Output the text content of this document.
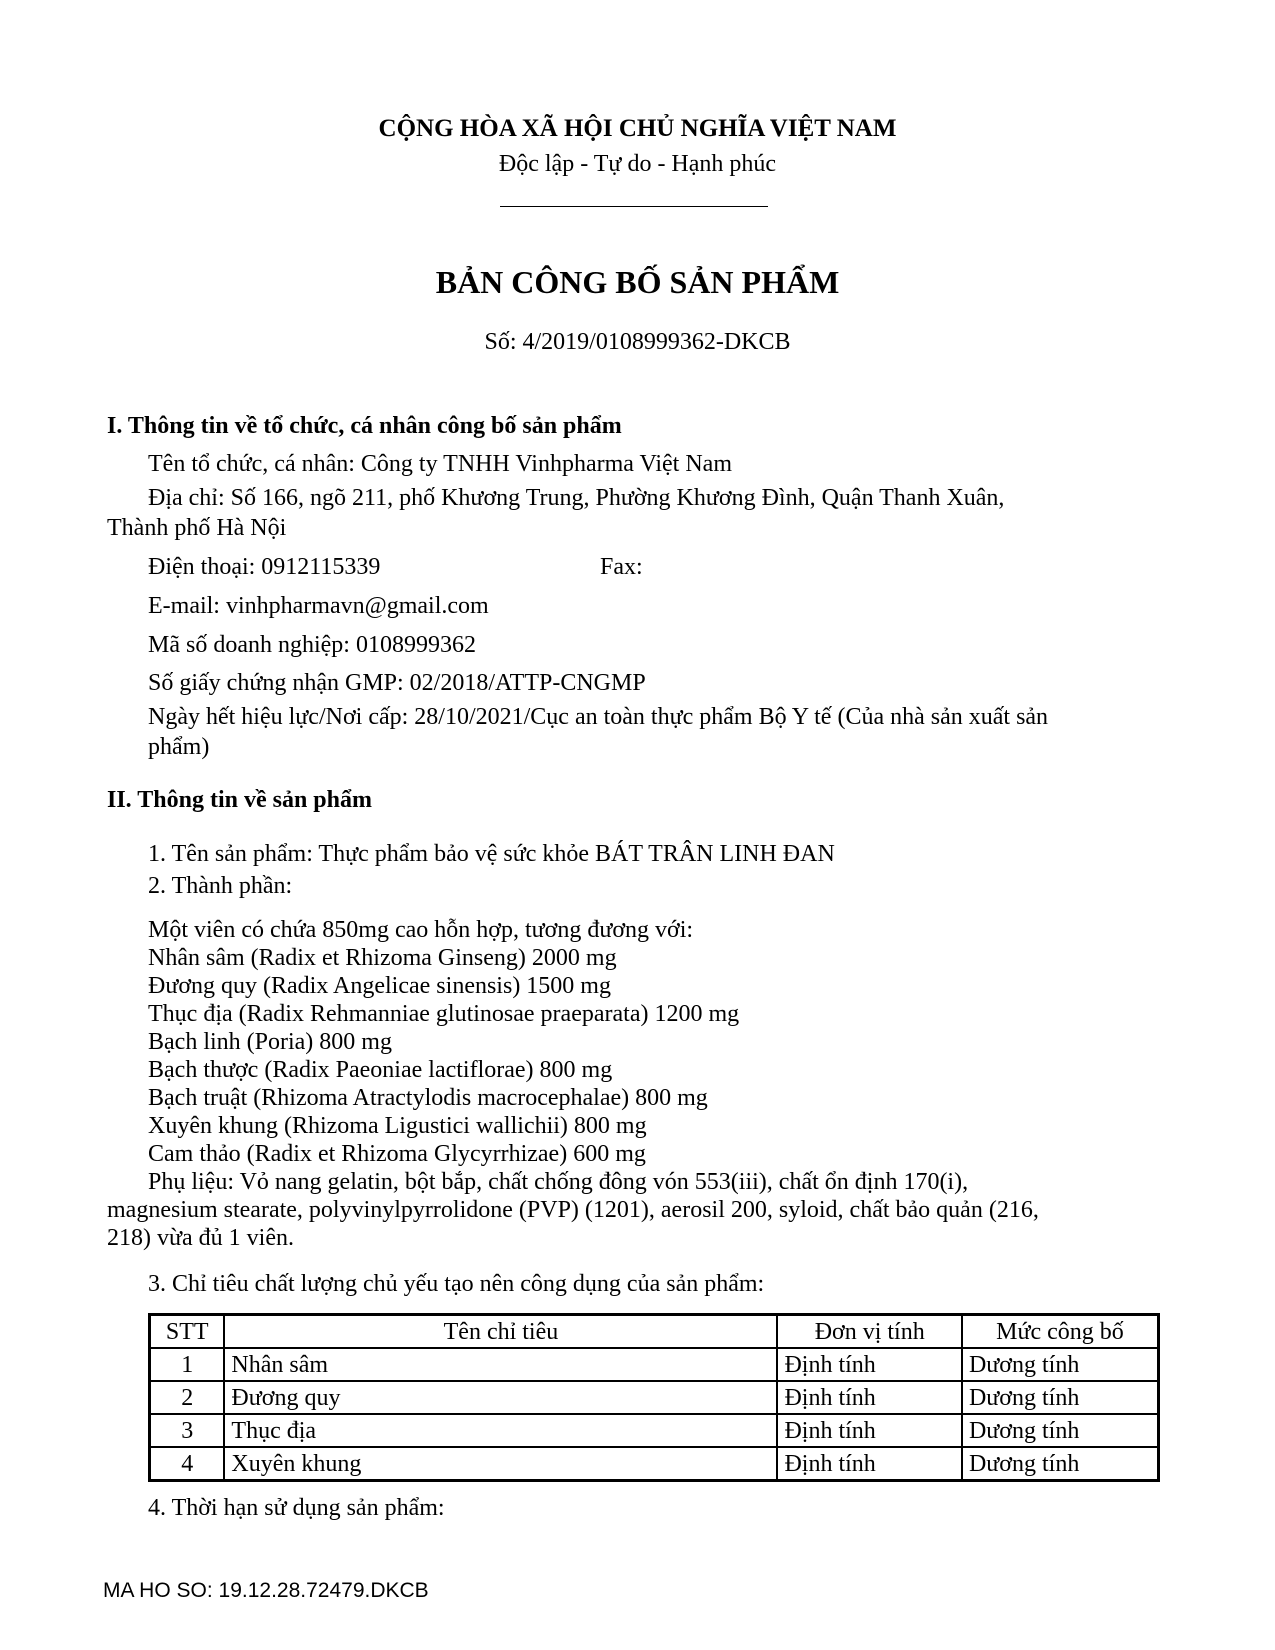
CỘNG HÒA XÃ HỘI CHỦ NGHĨA VIỆT NAM
Độc lập - Tự do - Hạnh phúc
BẢN CÔNG BỐ SẢN PHẨM
Số: 4/2019/0108999362-DKCB
I. Thông tin về tổ chức, cá nhân công bố sản phẩm
Tên tổ chức, cá nhân: Công ty TNHH Vinhpharma Việt Nam
Địa chỉ: Số 166, ngõ 211, phố Khương Trung, Phường Khương Đình, Quận Thanh Xuân,
Thành phố Hà Nội
Điện thoại: 0912115339	Fax:
E-mail: vinhpharmavn@gmail.com
Mã số doanh nghiệp: 0108999362
Số giấy chứng nhận GMP: 02/2018/ATTP-CNGMP
Ngày hết hiệu lực/Nơi cấp: 28/10/2021/Cục an toàn thực phẩm Bộ Y tế (Của nhà sản xuất sản
phẩm)
II. Thông tin về sản phẩm
1. Tên sản phẩm: Thực phẩm bảo vệ sức khỏe BÁT TRÂN LINH ĐAN
2. Thành phần:
Một viên có chứa 850mg cao hỗn hợp, tương đương với:
Nhân sâm (Radix et Rhizoma Ginseng) 2000 mg
Đương quy (Radix Angelicae sinensis) 1500 mg
Thục địa (Radix Rehmanniae glutinosae praeparata) 1200 mg
Bạch linh (Poria) 800 mg
Bạch thược (Radix Paeoniae lactiflorae) 800 mg
Bạch truật (Rhizoma Atractylodis macrocephalae) 800 mg
Xuyên khung (Rhizoma Ligustici wallichii) 800 mg
Cam thảo (Radix et Rhizoma Glycyrrhizae) 600 mg
Phụ liệu: Vỏ nang gelatin, bột bắp, chất chống đông vón 553(iii), chất ổn định 170(i),
magnesium stearate, polyvinylpyrrolidone (PVP) (1201), aerosil 200, syloid, chất bảo quản (216,
218) vừa đủ 1 viên.
3. Chỉ tiêu chất lượng chủ yếu tạo nên công dụng của sản phẩm:
STT	Tên chỉ tiêu	Đơn vị tính	Mức công bố
1	Nhân sâm	Định tính	Dương tính
2	Đương quy	Định tính	Dương tính
3	Thục địa	Định tính	Dương tính
4	Xuyên khung	Định tính	Dương tính
4. Thời hạn sử dụng sản phẩm:
MA HO SO: 19.12.28.72479.DKCB
